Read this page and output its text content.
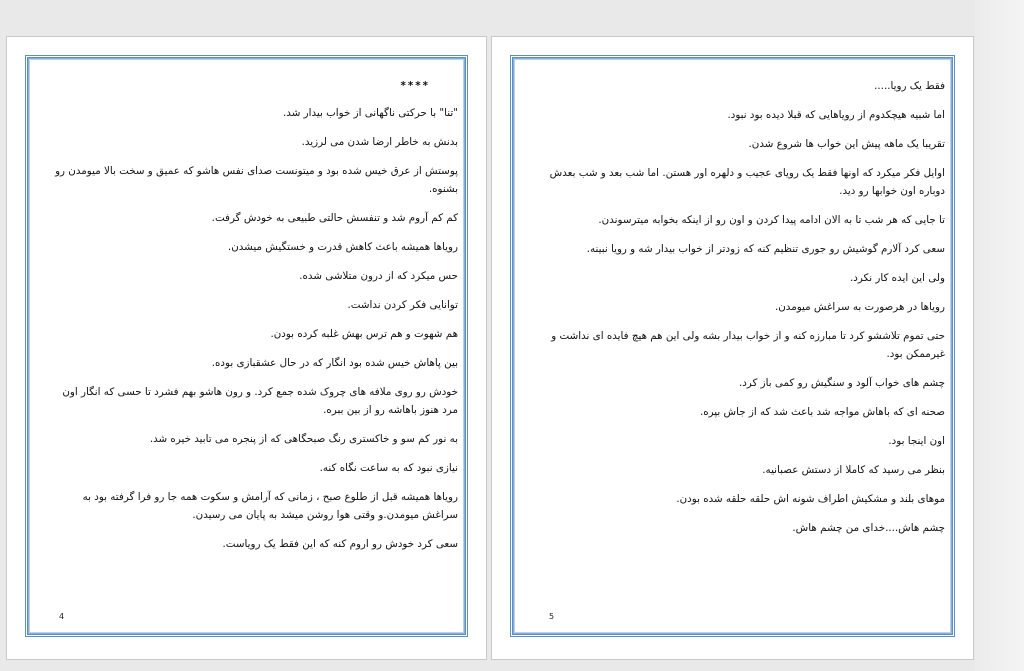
****

"تنا" با حرکتی ناگهانی از خواب بیدار شد.

بدنش به خاطر ارضا شدن می لرزید.

پوستش از عرق خیس شده بود و میتونست صدای نفس هاشو که عمیق و سخت بالا میومدن رو بشنوه.

کم کم آروم شد و تنفسش حالتی طبیعی به خودش گرفت.

رویاها همیشه باعث کاهش قدرت و خستگیش میشدن.

حس میکرد که از درون متلاشی شده.

توانایی فکر کردن نداشت.

هم شهوت و هم ترس بهش غلبه کرده بودن.

بین پاهاش خیس شده بود انگار که در حال عشقبازی بوده.

خودش رو روی ملافه های چروک شده جمع کرد. و رون هاشو بهم فشرد تا حسی که انگار اون مرد هنوز باهاشه رو از بین ببره.

به نور کم سو و خاکستری رنگ صبحگاهی که از پنجره می تابید خیره شد.

نیازی نبود که به ساعت نگاه کنه.

رویاها همیشه قبل از طلوع صبح ، زمانی که آرامش و سکوت همه جا رو فرا گرفته بود به سراغش میومدن.و وقتی هوا روشن میشد به پایان می رسیدن.

سعی کرد خودش رو اروم کنه که این فقط یک رویاست.

4

فقط یک رویا.....

اما شبیه هیچکدوم از رویاهایی که قبلا دیده بود نبود.

تقریبا یک ماهه پیش این خواب ها شروع شدن.

اوایل فکر میکرد که اونها فقط یک رویای عجیب و دلهره اور هستن. اما شب بعد و شب بعدش دوباره اون خوابها رو دید.

تا جایی که هر شب تا به الان ادامه پیدا کردن و اون رو از اینکه بخوابه میترسوندن.

سعی کرد آلارم گوشیش رو جوری تنظیم کنه که زودتر از خواب بیدار شه و رویا نبینه.

ولی این ایده کار نکرد.

رویاها در هرصورت به سراغش میومدن.

حتی تموم تلاششو کرد تا مبارزه کنه و از خواب بیدار بشه ولی این هم هیچ فایده ای نداشت و غیرممکن بود.

چشم های خواب آلود و سنگیش رو کمی باز کرد.

صحنه ای که باهاش مواجه شد باعث شد که از جاش بپره.

اون اینجا بود.

بنظر می رسید که کاملا از دستش عصبانیه.

موهای بلند و مشکیش اطراف شونه اش حلقه حلقه شده بودن.

چشم هاش....خدای من چشم هاش.

5
